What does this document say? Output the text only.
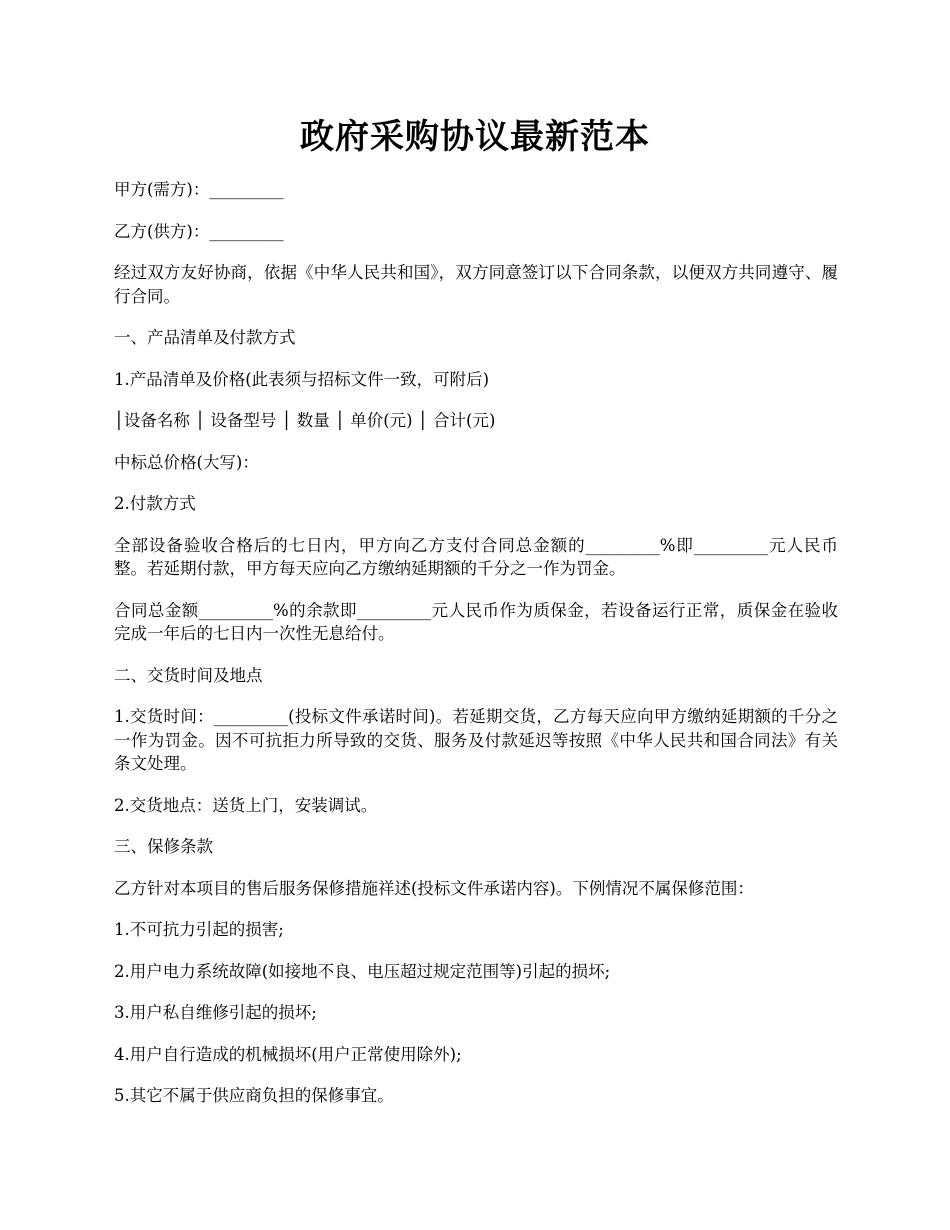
政府采购协议最新范本

甲方(需方)：_________

乙方(供方)：_________

经过双方友好协商，依据《中华人民共和国》，双方同意签订以下合同条款，以便双方共同遵守、履行合同。

一、产品清单及付款方式

1.产品清单及价格(此表须与招标文件一致，可附后)

│设备名称 │ 设备型号 │ 数量 │ 单价(元) │ 合计(元)

中标总价格(大写)：

2.付款方式

全部设备验收合格后的七日内，甲方向乙方支付合同总金额的_________%即_________元人民币整。若延期付款，甲方每天应向乙方缴纳延期额的千分之一作为罚金。

合同总金额_________%的余款即_________元人民币作为质保金，若设备运行正常，质保金在验收完成一年后的七日内一次性无息给付。

二、交货时间及地点

1.交货时间：_________(投标文件承诺时间)。若延期交货，乙方每天应向甲方缴纳延期额的千分之一作为罚金。因不可抗拒力所导致的交货、服务及付款延迟等按照《中华人民共和国合同法》有关条文处理。

2.交货地点：送货上门，安装调试。

三、保修条款

乙方针对本项目的售后服务保修措施祥述(投标文件承诺内容)。下例情况不属保修范围：

1.不可抗力引起的损害;

2.用户电力系统故障(如接地不良、电压超过规定范围等)引起的损坏;

3.用户私自维修引起的损坏;

4.用户自行造成的机械损坏(用户正常使用除外);

5.其它不属于供应商负担的保修事宜。
